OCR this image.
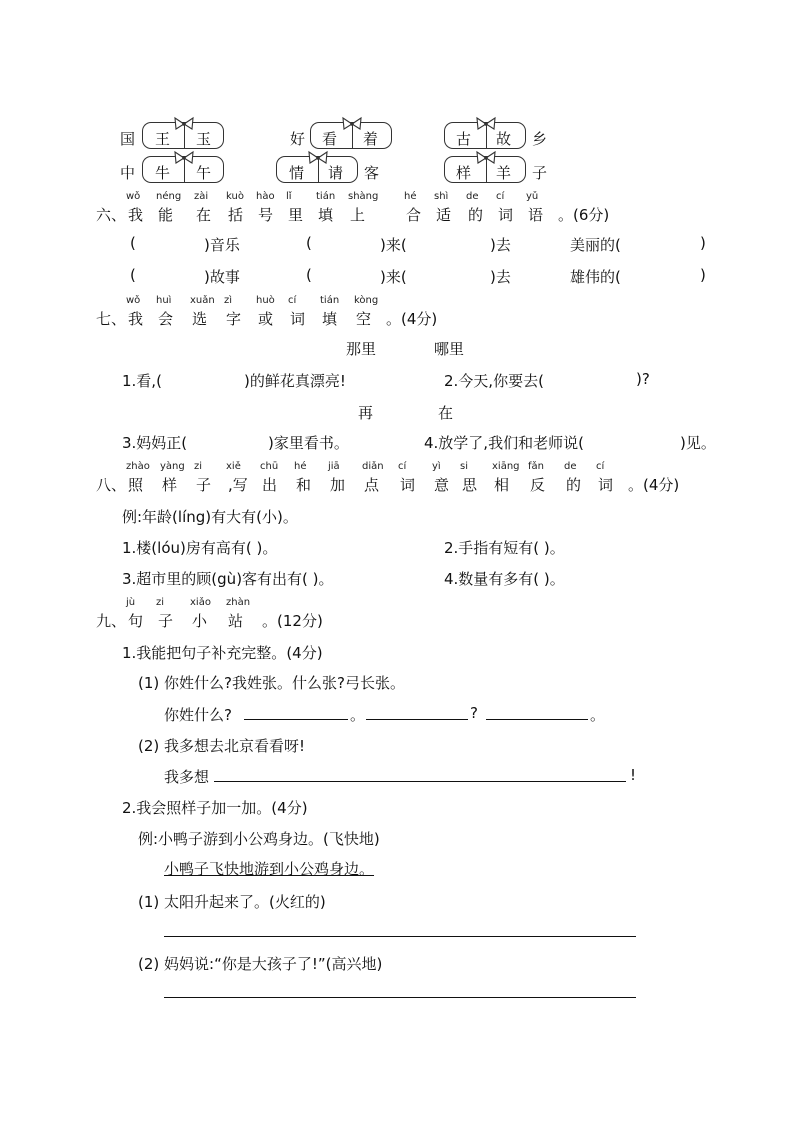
国 王 玉	好 看 着	古 故 乡
中 牛 午	情 请 客	样 羊 子
六、
wǒ
我
néng
能
zài
在
kuò
括
hào
号
lǐ
里
tián
填
shàng
上
hé
合
shì
适
de
的
cí
词
yǔ
语 。(6分)
(	)音乐	(	)来(	)去	美丽的(	)
(	)故事	(	)来(	)去	雄伟的(	)
七、
wǒ
我
huì
会
xuǎn
选
zì
字
huò
或
cí
词
tián
填
kòng
空 。(4分)
那里	哪里
1.看,(	)的鲜花真漂亮!	2.今天,你要去(	)?
再	在
3.妈妈正(	)家里看书。	4.放学了,我们和老师说(	)见。
八、
zhào
照
yàng
样
zi
子
xiě
,写
chū
出
hé
和
jiā
加
diǎn
点
cí
词
yì
意
si
思
xiāng
相
fǎn
反
de
的
cí
词 。(4分)
例:年龄(líng)有大有(小)。
1.楼(lóu)房有高有( )。	2.手指有短有( )。
3.超市里的顾(gù)客有出有( )。	4.数量有多有( )。
九、
jù
句
zi
子
xiǎo
小
zhàn
站 。(12分)
1.我能把句子补充完整。(4分)
(1) 你姓什么?我姓张。什么张?弓长张。
你姓什么?	。	?	。
(2) 我多想去北京看看呀!
我多想	!
2.我会照样子加一加。(4分)
例:小鸭子游到小公鸡身边。(飞快地)
小鸭子飞快地游到小公鸡身边。
(1) 太阳升起来了。(火红的)
(2) 妈妈说:“你是大孩子了!”(高兴地)
